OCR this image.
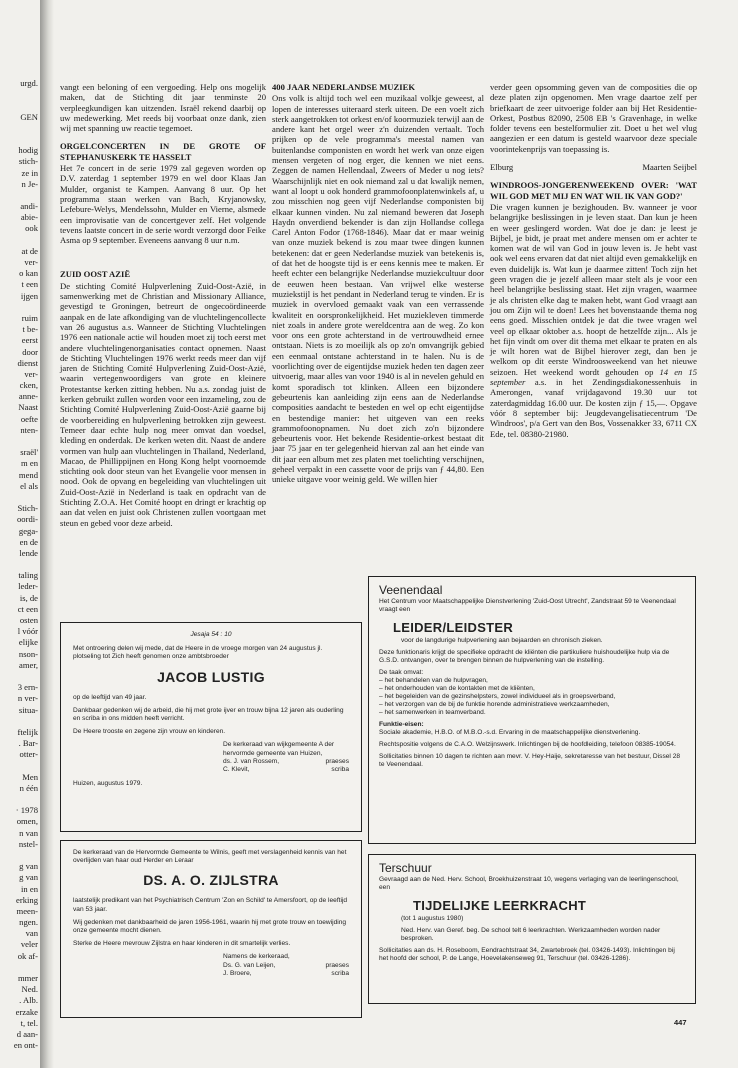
urgd.

GEN

hodig
stich-
ze in
n Je-

andi-
abie-
ook

at de
ver-
o kan
t een
ijgen

ruim
t be-
eerst
door
dienst
ver-
cken,
anne-
Naast
oefte
nten-

sraël'
m en
mend
el als

Stich-
oordi-
gega-
en de
lende

taling
leder-
is, de
ct een
osten
l vóór
elijke
nson-
amer,

3 ern-
n ver-
situa-

ftelijk
. Bar-
otter-

Men
n één

· 1978
omen,
n van
nstel-

g van
g van
in en
erking
meen-
ngen.
van
veler
ok af-

mmer
Ned.
. Alb.
erzake
t, tel.
d aan-
en ont-

vangt een beloning of een vergoeding. Help ons mogelijk maken, dat de Stichting dit jaar tenminste 20 verpleegkundigen kan uitzenden. Israël rekend daarbij op uw medewerking. Met reeds bij voorbaat onze dank, zien wij met spanning uw reactie tegemoet.

ORGELCONCERTEN IN DE GROTE OF STEPHANUSKERK TE HASSELT

Het 7e concert in de serie 1979 zal gegeven worden op D.V. zaterdag 1 september 1979 en wel door Klaas Jan Mulder, organist te Kampen. Aanvang 8 uur. Op het programma staan werken van Bach, Kryjanowsky, Lefebure-Welys, Mendelssohn, Mulder en Vierne, alsmede een improvisatie van de concertgever zelf. Het volgende tevens laatste concert in de serie wordt verzorgd door Feike Asma op 9 september. Eveneens aanvang 8 uur n.m.

ZUID OOST AZIË

De stichting Comité Hulpverlening Zuid-Oost-Azië, in samenwerking met de Christian and Missionary Alliance, gevestigd te Groningen, betreurt de ongecoördineerde aanpak en de late afkondiging van de vluchtelingencollecte van 26 augustus a.s. Wanneer de Stichting Vluchtelingen 1976 een nationale actie wil houden moet zij toch eerst met andere vluchtelingenorganisaties contact opnemen. Naast de Stichting Vluchtelingen 1976 werkt reeds meer dan vijf jaren de Stichting Comité Hulpverlening Zuid-Oost-Azië, waarin vertegenwoordigers van grote en kleinere Protestantse kerken zitting hebben. Nu a.s. zondag juist de kerken gebruikt zullen worden voor een inzameling, zou de Stichting Comité Hulpverlening Zuid-Oost-Azië gaarne bij de voorbereiding en hulpverlening betrokken zijn geweest. Temeer daar echte hulp nog meer omvat dan voedsel, kleding en onderdak. De kerken weten dit. Naast de andere vormen van hulp aan vluchtelingen in Thailand, Nederland, Macao, de Phillippijnen en Hong Kong helpt voornoemde stichting ook door steun van het Evangelie voor mensen in nood. Ook de opvang en begeleiding van vluchtelingen uit Zuid-Oost-Azië in Nederland is taak en opdracht van de Stichting Z.O.A. Het Comité hoopt en dringt er krachtig op aan dat velen en juist ook Christenen zullen voortgaan met steun en gebed voor deze arbeid.

400 JAAR NEDERLANDSE MUZIEK

Ons volk is altijd toch wel een muzikaal volkje geweest, al lopen de interesses uiteraard sterk uiteen. De een voelt zich sterk aangetrokken tot orkest en/of koormuziek terwijl aan de andere kant het orgel weer z'n duizenden vertaalt. Toch prijken op de vele programma's meestal namen van buitenlandse componisten en wordt het werk van onze eigen mensen vergeten of nog erger, die kennen we niet eens. Zeggen de namen Hellendaal, Zweers of Meder u nog iets? Waarschijnlijk niet en ook niemand zal u dat kwalijk nemen, want al loopt u ook honderd grammofoonplatenwinkels af, u zou misschien nog geen vijf Nederlandse componisten bij elkaar kunnen vinden. Nu zal niemand beweren dat Joseph Haydn onverdiend bekender is dan zijn Hollandse collega Carel Anton Fodor (1768-1846). Maar dat er maar weinig van onze muziek bekend is zou maar twee dingen kunnen betekenen: dat er geen Nederlandse muziek van betekenis is, of dat het de hoogste tijd is er eens kennis mee te maken. Er heeft echter een belangrijke Nederlandse muziekcultuur door de eeuwen heen bestaan. Van vrijwel elke westerse muziekstijl is het pendant in Nederland terug te vinden. Er is muziek in overvloed gemaakt vaak van een verrassende kwaliteit en oorspronkelijkheid. Het muziekleven timmerde niet zoals in andere grote wereldcentra aan de weg. Zo kon voor ons een grote achterstand in de vertrouwdheid ernee ontstaan. Niets is zo moeilijk als op zo'n omvangrijk gebied een eenmaal ontstane achterstand in te halen. Nu is de voorlichting over de eigentijdse muziek heden ten dagen zeer uitvoerig, maar alles van voor 1940 is al in nevelen gehuld en komt sporadisch tot klinken. Alleen een bijzondere gebeurtenis kan aanleiding zijn eens aan de Nederlandse composities aandacht te besteden en wel op echt eigentijdse en bestendige manier: het uitgeven van een reeks grammofoonopnamen. Nu doet zich zo'n bijzondere gebeurtenis voor. Het bekende Residentie-orkest bestaat dit jaar 75 jaar en ter gelegenheid hiervan zal aan het einde van dit jaar een album met zes platen met toelichting verschijnen, geheel verpakt in een cassette voor de prijs van ƒ 44,80. Een unieke uitgave voor weinig geld. We willen hier

verder geen opsomming geven van de composities die op deze platen zijn opgenomen. Men vrage daartoe zelf per briefkaart de zeer uitvoerige folder aan bij Het Residentie-Orkest, Postbus 82090, 2508 EB 's Gravenhage, in welke folder tevens een bestelformulier zit. Doet u het wel vlug aangezien er een datum is gesteld waarvoor deze speciale voorintekenprijs van toepassing is.

Elburg	Maarten Seijbel

WINDROOS-JONGERENWEEKEND OVER: 'WAT WIL GOD MET MIJ EN WAT WIL IK VAN GOD?'

Die vragen kunnen je bezighouden. Bv. wanneer je voor belangrijke beslissingen in je leven staat. Dan kun je heen en weer geslingerd worden. Wat doe je dan: je leest je Bijbel, je bidt, je praat met andere mensen om er achter te komen wat de wil van God in jouw leven is. Je hebt vast ook wel eens ervaren dat dat niet altijd even gemakkelijk en even duidelijk is. Wat kun je daarmee zitten! Toch zijn het geen vragen die je jezelf alleen maar stelt als je voor een heel belangrijke beslissing staat. Het zijn vragen, waarmee je als christen elke dag te maken hebt, want God vraagt aan jou om Zijn wil te doen! Lees het bovenstaande thema nog eens goed. Misschien ontdek je dat die twee vragen wel veel op elkaar oktober a.s. hoopt de hetzelfde zijn... Als je het fijn vindt om over dit thema met elkaar te praten en als je wilt horen wat de Bijbel hierover zegt, dan ben je welkom op dit eerste Windroosweekend van het nieuwe seizoen. Het weekend wordt gehouden op 14 en 15 september a.s. in het Zendingsdiakonessenhuis in Amerongen, vanaf vrijdagavond 19.30 uur tot zaterdagmiddag 16.00 uur. De kosten zijn ƒ 15,—. Opgave vóór 8 september bij: Jeugdevangelisatiecentrum 'De Windroos', p/a Gert van den Bos, Vossenakker 33, 6711 CX Ede, tel. 08380-21980.

Jesaja 54 : 10

Met ontroering delen wij mede, dat de Heere in de vroege morgen van 24 augustus jl. plotseling tot Zich heeft genomen onze ambtsbroeder

JACOB LUSTIG

op de leeftijd van 49 jaar.

Dankbaar gedenken wij de arbeid, die hij met grote ijver en trouw bijna 12 jaren als ouderling en scriba in ons midden heeft verricht.

De Heere trooste en zegene zijn vrouw en kinderen.

De kerkeraad van wijkgemeente A der hervormde gemeente van Huizen,

ds. J. van Rossem,	praeses
C. Klevit,	scriba

Huizen, augustus 1979.

De kerkeraad van de Hervormde Gemeente te Wilnis, geeft met verslagenheid kennis van het overlijden van haar oud Herder en Leraar

DS. A. O. ZIJLSTRA

laatstelijk predikant van het Psychiatrisch Centrum 'Zon en Schild' te Amersfoort, op de leeftijd van 53 jaar.

Wij gedenken met dankbaarheid de jaren 1956-1961, waarin hij met grote trouw en toewijding onze gemeente mocht dienen.

Sterke de Heere mevrouw Zijlstra en haar kinderen in dit smartelijk verlies.

Namens de kerkeraad,

Ds. G. van Leijen,	praeses
J. Broere,	scriba

Veenendaal

Het Centrum voor Maatschappelijke Dienstverlening 'Zuid-Oost Utrecht', Zandstraat 59 te Veenendaal vraagt een

LEIDER/LEIDSTER

voor de langdurige hulpverlening aan bejaarden en chronisch zieken.

Deze funktionaris krijgt de specifieke opdracht de kliënten die partikuliere huishoudelijke hulp via de G.S.D. ontvangen, over te brengen binnen de hulpverlening van de instelling.

De taak omvat:

– het behandelen van de hulpvragen,
– het onderhouden van de kontakten met de kliënten,
– het begeleiden van de gezinshelpsters, zowel individueel als in groepsverband,
– het verzorgen van de bij de funktie horende administratieve werkzaamheden,
– het samenwerken in teamverband.

Funktie-eisen:

Sociale akademie, H.B.O. of M.B.O.-s.d. Ervaring in de maatschappelijke dienstverlening.

Rechtspositie volgens de C.A.O. Welzijnswerk. Inlichtingen bij de hoofdleiding, telefoon 08385-19054.

Sollicitaties binnen 10 dagen te richten aan mevr. V. Hey-Haije, sekretaresse van het bestuur, Dissel 28 te Veenendaal.

Terschuur

Gevraagd aan de Ned. Herv. School, Broekhuizenstraat 10, wegens verlaging van de leerlingenschool, een

TIJDELIJKE LEERKRACHT

(tot 1 augustus 1980)

Ned. Herv. van Geref. beg. De school telt 6 leerkrachten. Werkzaamheden worden nader besproken.

Sollicitaties aan ds. H. Roseboom, Eendrachtstraat 34, Zwartebroek (tel. 03426-1493). Inlichtingen bij het hoofd der school, P. de Lange, Hoevelakenseweg 91, Terschuur (tel. 03426-1286).

447
